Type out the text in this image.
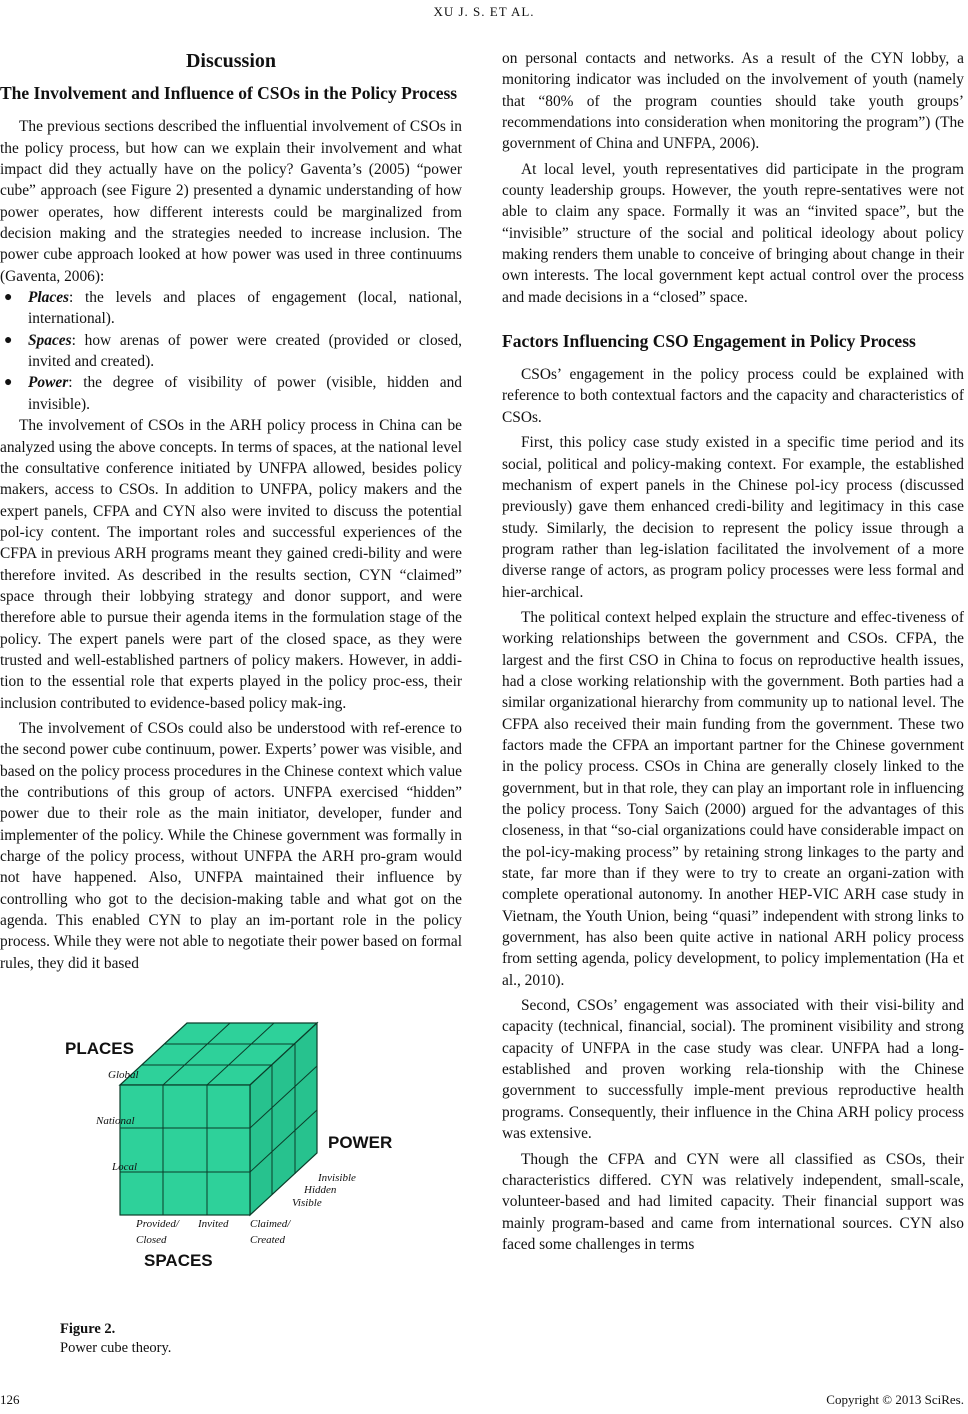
XU J. S. ET AL.
Discussion
The Involvement and Influence of CSOs in the Policy Process

The previous sections described the influential involvement of CSOs in the policy process, but how can we explain their involvement and what impact did they actually have on the policy? Gaventa’s (2005) “power cube” approach (see Figure 2) presented a dynamic understanding of how power operates, how different interests could be marginalized from decision making and the strategies needed to increase inclusion. The power cube approach looked at how power was used in three continuums (Gaventa, 2006):

● Places: the levels and places of engagement (local, national, international).
● Spaces: how arenas of power were created (provided or closed, invited and created).
● Power: the degree of visibility of power (visible, hidden and invisible).

The involvement of CSOs in the ARH policy process in China can be analyzed using the above concepts. In terms of spaces, at the national level the consultative conference initiated by UNFPA allowed, besides policy makers, access to CSOs. In addition to UNFPA, policy makers and the expert panels, CFPA and CYN also were invited to discuss the potential pol-icy content. The important roles and successful experiences of the CFPA in previous ARH programs meant they gained credi-bility and were therefore invited. As described in the results section, CYN “claimed” space through their lobbying strategy and donor support, and were therefore able to pursue their agenda items in the formulation stage of the policy. The expert panels were part of the closed space, as they were trusted and well-established partners of policy makers. However, in addi-tion to the essential role that experts played in the policy proc-ess, their inclusion contributed to evidence-based policy mak-ing.

The involvement of CSOs could also be understood with ref-erence to the second power cube continuum, power. Experts’ power was visible, and based on the policy process procedures in the Chinese context which value the contributions of this group of actors. UNFPA exercised “hidden” power due to their role as the main initiator, developer, funder and implementer of the policy. While the Chinese government was formally in charge of the policy process, without UNFPA the ARH pro-gram would not have happened. Also, UNFPA maintained their influence by controlling who got to the decision-making table and what got on the agenda. This enabled CYN to play an im-portant role in the policy process. While they were not able to negotiate their power based on formal rules, they did it based

PLACES
Global
National
Local
POWER
Invisible
Hidden
Visible
Provided/ Invited Claimed/
Closed	Created
SPACES
Figure 2.
Power cube theory.

on personal contacts and networks. As a result of the CYN lobby, a monitoring indicator was included on the involvement of youth (namely that “80% of the program counties should take youth groups’ recommendations into consideration when monitoring the program”) (The government of China and UNFPA, 2006).

At local level, youth representatives did participate in the program county leadership groups. However, the youth repre-sentatives were not able to claim any space. Formally it was an “invited space”, but the “invisible” structure of the social and political ideology about policy making renders them unable to conceive of bringing about change in their own interests. The local government kept actual control over the process and made decisions in a “closed” space.

Factors Influencing CSO Engagement in Policy Process

CSOs’ engagement in the policy process could be explained with reference to both contextual factors and the capacity and characteristics of CSOs.

First, this policy case study existed in a specific time period and its social, political and policy-making context. For example, the established mechanism of expert panels in the Chinese pol-icy process (discussed previously) gave them enhanced credi-bility and legitimacy in this case study. Similarly, the decision to represent the policy issue through a program rather than leg-islation facilitated the involvement of a more diverse range of actors, as program policy processes were less formal and hier-archical.

The political context helped explain the structure and effec-tiveness of working relationships between the government and CSOs. CFPA, the largest and the first CSO in China to focus on reproductive health issues, had a close working relationship with the government. Both parties had a similar organizational hierarchy from community up to national level. The CFPA also received their main funding from the government. These two factors made the CFPA an important partner for the Chinese government in the policy process. CSOs in China are generally closely linked to the government, but in that role, they can play an important role in influencing the policy process. Tony Saich (2000) argued for the advantages of this closeness, in that “so-cial organizations could have considerable impact on the pol-icy-making process” by retaining strong linkages to the party and state, far more than if they were to try to create an organi-zation with complete operational autonomy. In another HEP-VIC ARH case study in Vietnam, the Youth Union, being “quasi” independent with strong links to government, has also been quite active in national ARH policy process from setting agenda, policy development, to policy implementation (Ha et al., 2010).

Second, CSOs’ engagement was associated with their visi-bility and capacity (technical, financial, social). The prominent visibility and strong capacity of UNFPA in the case study was clear. UNFPA had a long-established and proven working rela-tionship with the Chinese government to successfully imple-ment previous reproductive health programs. Consequently, their influence in the China ARH policy process was extensive.

Though the CFPA and CYN were all classified as CSOs, their characteristics differed. CYN was relatively independent, small-scale, volunteer-based and had limited capacity. Their financial support was mainly program-based and came from international sources. CYN also faced some challenges in terms

126	Copyright © 2013 SciRes.
